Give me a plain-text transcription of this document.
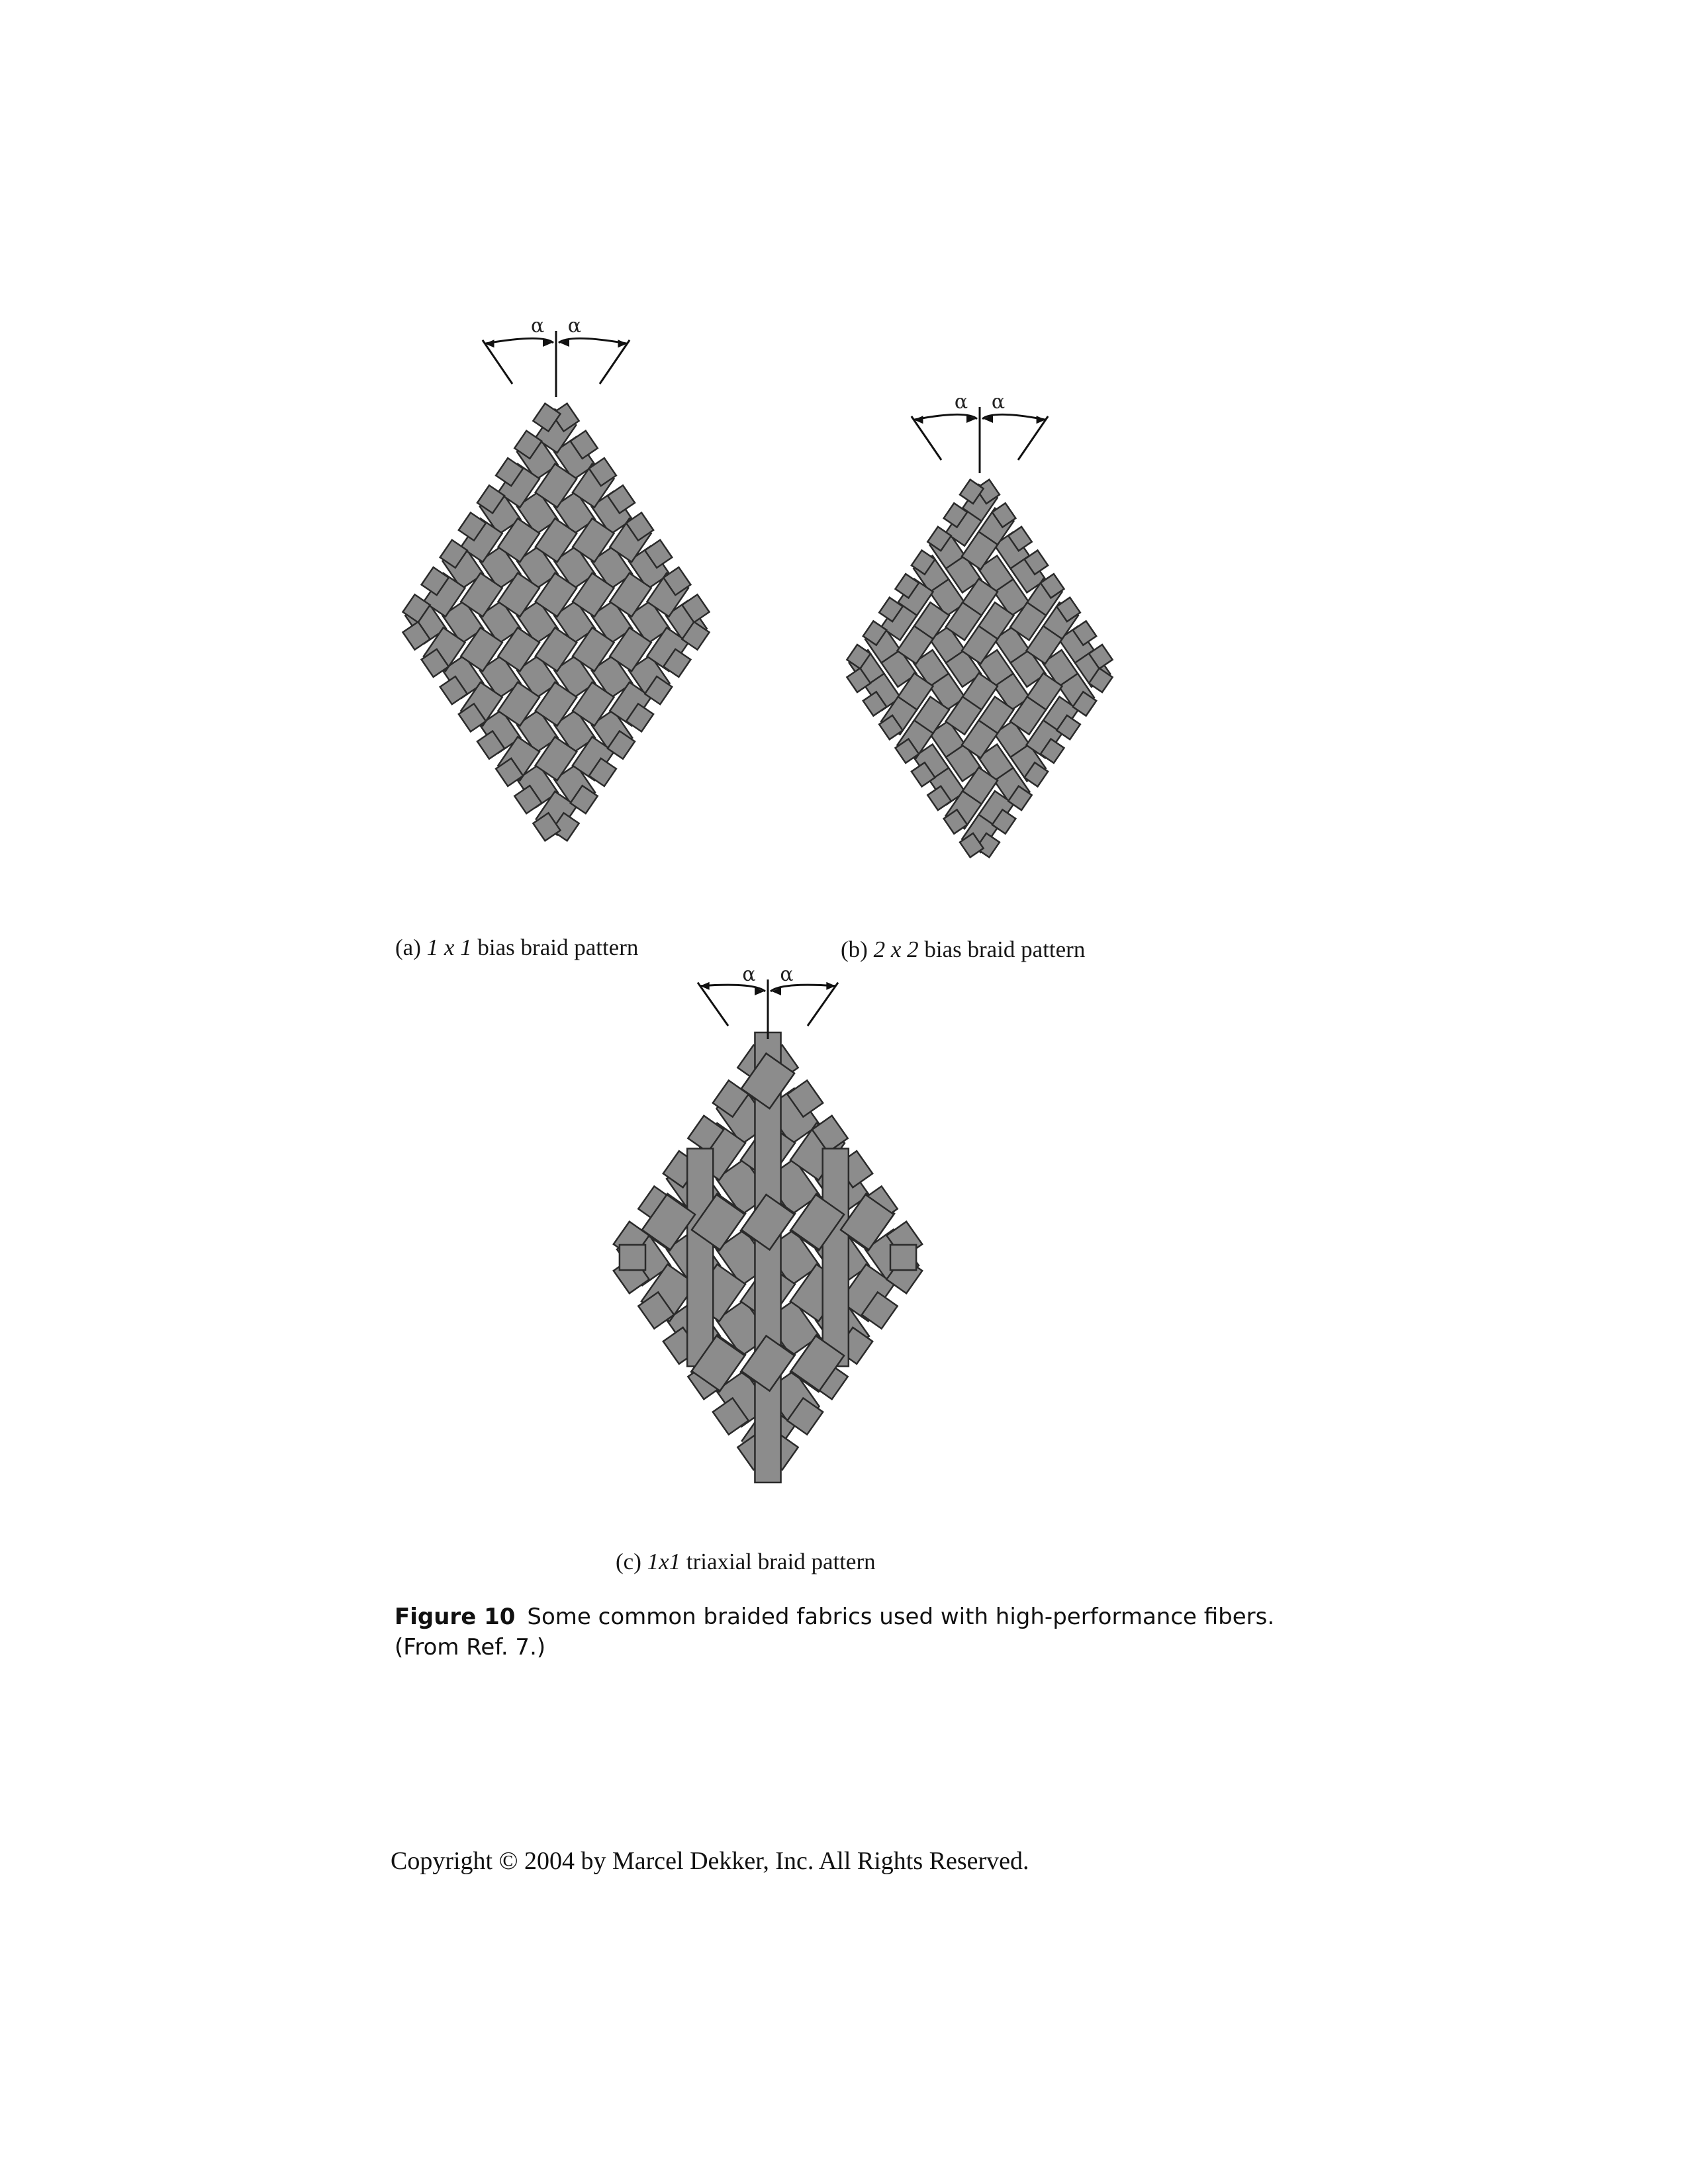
α α
(a) 1 x 1 bias braid pattern
α α
(b) 2 x 2 bias braid pattern
α α
(c) 1x1 triaxial braid pattern
Figure 10 Some common braided fabrics used with high-performance fibers. (From Ref. 7.)
Copyright © 2004 by Marcel Dekker, Inc. All Rights Reserved.
